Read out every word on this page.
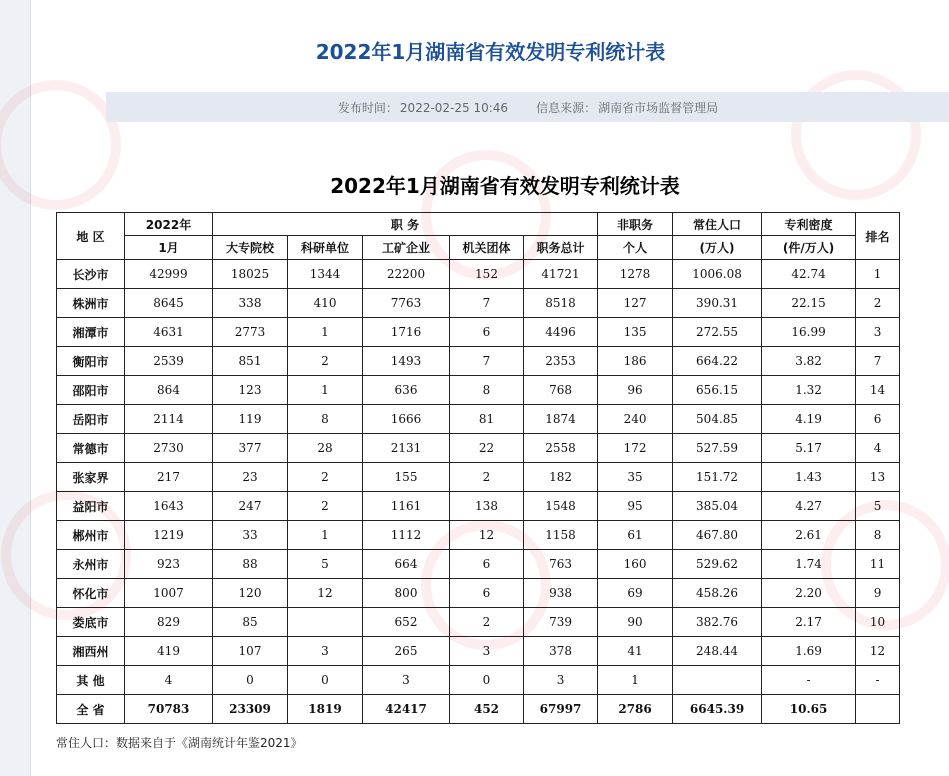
2022年1月湖南省有效发明专利统计表
发布时间： 2022-02-25 10:46 信息来源： 湖南省市场监督管理局
2022年1月湖南省有效发明专利统计表
地 区	2022年	职 务					非职务	常住人口	专利密度	排名
	1月	大专院校	科研单位	工矿企业	机关团体	职务总计	个人	(万人)	(件/万人)	
长沙市	42999	18025	1344	22200	152	41721	1278	1006.08	42.74	1
株洲市	8645	338	410	7763	7	8518	127	390.31	22.15	2
湘潭市	4631	2773	1	1716	6	4496	135	272.55	16.99	3
衡阳市	2539	851	2	1493	7	2353	186	664.22	3.82	7
邵阳市	864	123	1	636	8	768	96	656.15	1.32	14
岳阳市	2114	119	8	1666	81	1874	240	504.85	4.19	6
常德市	2730	377	28	2131	22	2558	172	527.59	5.17	4
张家界	217	23	2	155	2	182	35	151.72	1.43	13
益阳市	1643	247	2	1161	138	1548	95	385.04	4.27	5
郴州市	1219	33	1	1112	12	1158	61	467.80	2.61	8
永州市	923	88	5	664	6	763	160	529.62	1.74	11
怀化市	1007	120	12	800	6	938	69	458.26	2.20	9
娄底市	829	85		652	2	739	90	382.76	2.17	10
湘西州	419	107	3	265	3	378	41	248.44	1.69	12
其 他	4	0	0	3	0	3	1		-	-
全 省	70783	23309	1819	42417	452	67997	2786	6645.39	10.65	
常住人口：数据来自于《湖南统计年鉴2021》
